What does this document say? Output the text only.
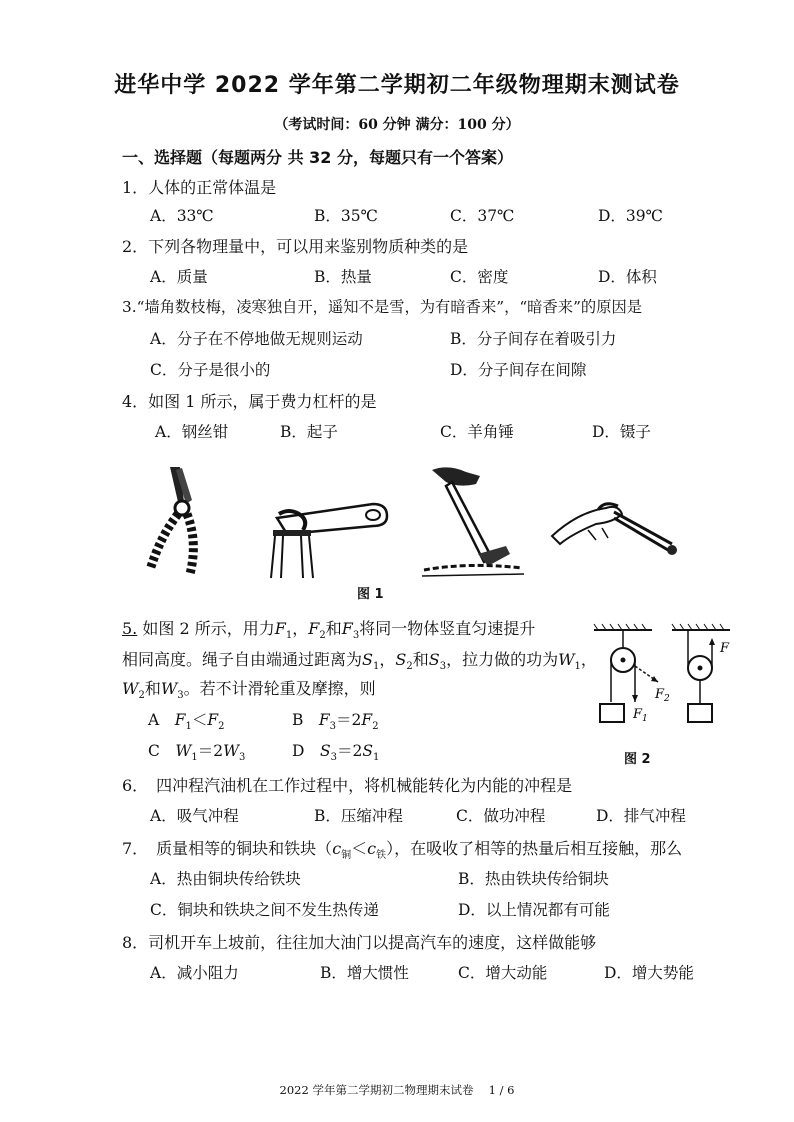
进华中学 2022 学年第二学期初二年级物理期末测试卷
（考试时间：60 分钟 满分：100 分）
一、选择题（每题两分 共 32 分，每题只有一个答案）
1．人体的正常体温是
A．33℃	B．35℃	C．37℃	D．39℃
2．下列各物理量中，可以用来鉴别物质种类的是
A．质量	B．热量	C．密度	D．体积
3.“墙角数枝梅，凌寒独自开，遥知不是雪，为有暗香来”，“暗香来”的原因是
A．分子在不停地做无规则运动	B．分子间存在着吸引力
C．分子是很小的	D．分子间存在间隙
4．如图 1 所示，属于费力杠杆的是
A．钢丝钳	B．起子	C．羊角锤	D．镊子
图 1
5. 如图 2 所示，用力$F_1$，$F_2$和$F_3$将同一物体竖直匀速提升
相同高度。绳子自由端通过距离为$S_1$，$S_2$和$S_3$，拉力做的功为$W_1$，
$W_2$和$W_3$。若不计滑轮重及摩擦，则
A　 $F_1<F_2$	B　 $F_3=2F_2$
C　 $W_1=2W_3$	D　 $S_3=2S_1$
$F_2$
$F_1$
F
图 2
6．　四冲程汽油机在工作过程中，将机械能转化为内能的冲程是
A．吸气冲程	B．压缩冲程	C．做功冲程	D．排气冲程
7．　质量相等的铜块和铁块$(c_铜<c_铁)$，在吸收了相等的热量后相互接触，那么
A．热由铜块传给铁块	B．热由铁块传给铜块
C．铜块和铁块之间不发生热传递	D．以上情况都有可能
8．司机开车上坡前，往往加大油门以提高汽车的速度，这样做能够
A．减小阻力	B．增大惯性	C．增大动能	D．增大势能
2022 学年第二学期初二物理期末试卷　 1 / 6
